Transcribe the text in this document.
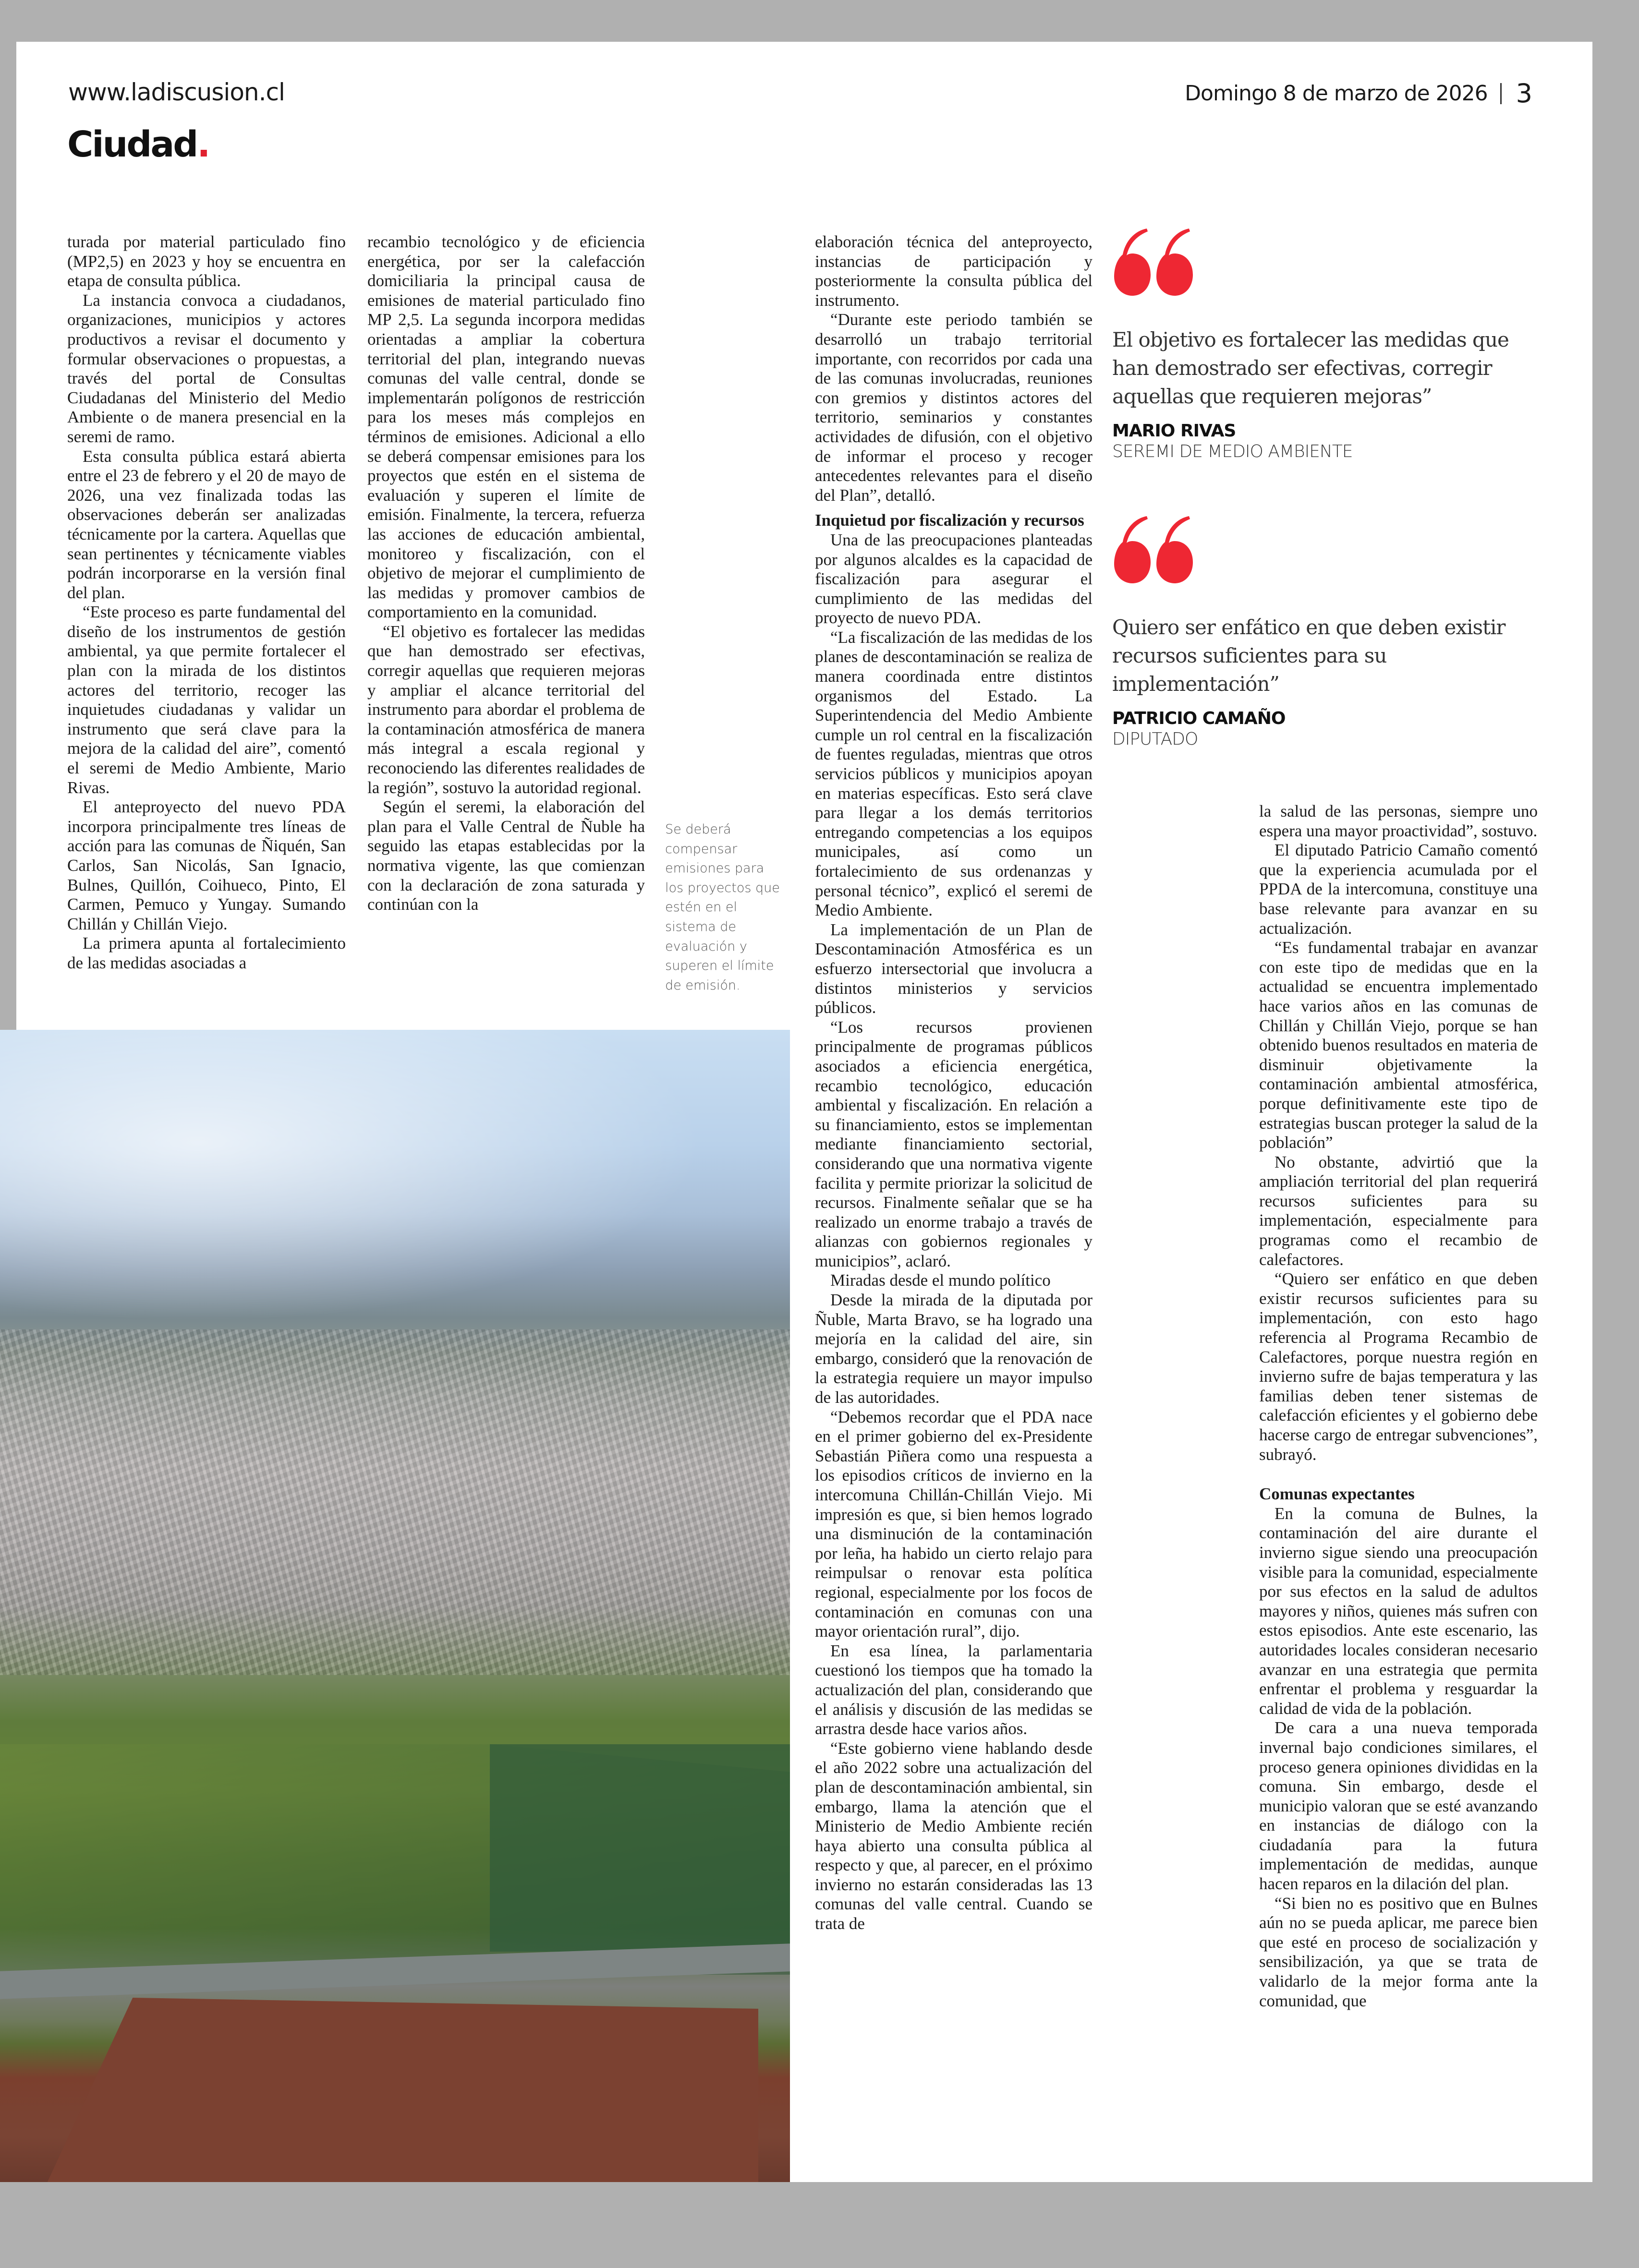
www.ladiscusion.cl	Domingo 8 de marzo de 2026 3
Ciudad.

turada por material particulado fino (MP2,5) en 2023 y hoy se encuentra en etapa de consulta pública.

La instancia convoca a ciudadanos, organizaciones, municipios y actores productivos a revisar el documento y formular observaciones o propuestas, a través del portal de Consultas Ciudadanas del Ministerio del Medio Ambiente o de manera presencial en la seremi de ramo.

Esta consulta pública estará abierta entre el 23 de febrero y el 20 de mayo de 2026, una vez finalizada todas las observaciones deberán ser analizadas técnicamente por la cartera. Aquellas que sean pertinentes y técnicamente viables podrán incorporarse en la versión final del plan.

“Este proceso es parte fundamental del diseño de los instrumentos de gestión ambiental, ya que permite fortalecer el plan con la mirada de los distintos actores del territorio, recoger las inquietudes ciudadanas y validar un instrumento que será clave para la mejora de la calidad del aire”, comentó el seremi de Medio Ambiente, Mario Rivas.

El anteproyecto del nuevo PDA incorpora principalmente tres líneas de acción para las comunas de Ñiquén, San Carlos, San Nicolás, San Ignacio, Bulnes, Quillón, Coihueco, Pinto, El Carmen, Pemuco y Yungay. Sumando Chillán y Chillán Viejo.

La primera apunta al fortalecimiento de las medidas asociadas a

recambio tecnológico y de eficiencia energética, por ser la calefacción domiciliaria la principal causa de emisiones de material particulado fino MP 2,5. La segunda incorpora medidas orientadas a ampliar la cobertura territorial del plan, integrando nuevas comunas del valle central, donde se implementarán polígonos de restricción para los meses más complejos en términos de emisiones. Adicional a ello se deberá compensar emisiones para los proyectos que estén en el sistema de evaluación y superen el límite de emisión. Finalmente, la tercera, refuerza las acciones de educación ambiental, monitoreo y fiscalización, con el objetivo de mejorar el cumplimiento de las medidas y promover cambios de comportamiento en la comunidad.

“El objetivo es fortalecer las medidas que han demostrado ser efectivas, corregir aquellas que requieren mejoras y ampliar el alcance territorial del instrumento para abordar el problema de la contaminación atmosférica de manera más integral a escala regional y reconociendo las diferentes realidades de la región”, sostuvo la autoridad regional.

Según el seremi, la elaboración del plan para el Valle Central de Ñuble ha seguido las etapas establecidas por la normativa vigente, las que comienzan con la declaración de zona saturada y continúan con la

Se deberá compensar emisiones para los proyectos que estén en el sistema de evaluación y superen el límite de emisión.

elaboración técnica del anteproyecto, instancias de participación y posteriormente la consulta pública del instrumento.

“Durante este periodo también se desarrolló un trabajo territorial importante, con recorridos por cada una de las comunas involucradas, reuniones con gremios y distintos actores del territorio, seminarios y constantes actividades de difusión, con el objetivo de informar el proceso y recoger antecedentes relevantes para el diseño del Plan”, detalló.

Inquietud por fiscalización y recursos

Una de las preocupaciones planteadas por algunos alcaldes es la capacidad de fiscalización para asegurar el cumplimiento de las medidas del proyecto de nuevo PDA.

“La fiscalización de las medidas de los planes de descontaminación se realiza de manera coordinada entre distintos organismos del Estado. La Superintendencia del Medio Ambiente cumple un rol central en la fiscalización de fuentes reguladas, mientras que otros servicios públicos y municipios apoyan en materias específicas. Esto será clave para llegar a los demás territorios entregando competencias a los equipos municipales, así como un fortalecimiento de sus ordenanzas y personal técnico”, explicó el seremi de Medio Ambiente.

La implementación de un Plan de Descontaminación Atmosférica es un esfuerzo intersectorial que involucra a distintos ministerios y servicios públicos.

“Los recursos provienen principalmente de programas públicos asociados a eficiencia energética, recambio tecnológico, educación ambiental y fiscalización. En relación a su financiamiento, estos se implementan mediante financiamiento sectorial, considerando que una normativa vigente facilita y permite priorizar la solicitud de recursos. Finalmente señalar que se ha realizado un enorme trabajo a través de alianzas con gobiernos regionales y municipios”, aclaró.

Miradas desde el mundo político

Desde la mirada de la diputada por Ñuble, Marta Bravo, se ha logrado una mejoría en la calidad del aire, sin embargo, consideró que la renovación de la estrategia requiere un mayor impulso de las autoridades.

“Debemos recordar que el PDA nace en el primer gobierno del ex-Presidente Sebastián Piñera como una respuesta a los episodios críticos de invierno en la intercomuna Chillán-Chillán Viejo. Mi impresión es que, si bien hemos logrado una disminución de la contaminación por leña, ha habido un cierto relajo para reimpulsar o renovar esta política regional, especialmente por los focos de contaminación en comunas con una mayor orientación rural”, dijo.

En esa línea, la parlamentaria cuestionó los tiempos que ha tomado la actualización del plan, considerando que el análisis y discusión de las medidas se arrastra desde hace varios años.

“Este gobierno viene hablando desde el año 2022 sobre una actualización del plan de descontaminación ambiental, sin embargo, llama la atención que el Ministerio de Medio Ambiente recién haya abierto una consulta pública al respecto y que, al parecer, en el próximo invierno no estarán consideradas las 13 comunas del valle central. Cuando se trata de

la salud de las personas, siempre uno espera una mayor proactividad”, sostuvo.

El diputado Patricio Camaño comentó que la experiencia acumulada por el PPDA de la intercomuna, constituye una base relevante para avanzar en su actualización.

“Es fundamental trabajar en avanzar con este tipo de medidas que en la actualidad se encuentra implementado hace varios años en las comunas de Chillán y Chillán Viejo, porque se han obtenido buenos resultados en materia de disminuir objetivamente la contaminación ambiental atmosférica, porque definitivamente este tipo de estrategias buscan proteger la salud de la población”

No obstante, advirtió que la ampliación territorial del plan requerirá recursos suficientes para su implementación, especialmente para programas como el recambio de calefactores.

“Quiero ser enfático en que deben existir recursos suficientes para su implementación, con esto hago referencia al Programa Recambio de Calefactores, porque nuestra región en invierno sufre de bajas temperatura y las familias deben tener sistemas de calefacción eficientes y el gobierno debe hacerse cargo de entregar subvenciones”, subrayó.

Comunas expectantes

En la comuna de Bulnes, la contaminación del aire durante el invierno sigue siendo una preocupación visible para la comunidad, especialmente por sus efectos en la salud de adultos mayores y niños, quienes más sufren con estos episodios. Ante este escenario, las autoridades locales consideran necesario avanzar en una estrategia que permita enfrentar el problema y resguardar la calidad de vida de la población.

De cara a una nueva temporada invernal bajo condiciones similares, el proceso genera opiniones divididas en la comuna. Sin embargo, desde el municipio valoran que se esté avanzando en instancias de diálogo con la ciudadanía para la futura implementación de medidas, aunque hacen reparos en la dilación del plan.

“Si bien no es positivo que en Bulnes aún no se pueda aplicar, me parece bien que esté en proceso de socialización y sensibilización, ya que se trata de validarlo de la mejor forma ante la comunidad, que

El objetivo es fortalecer las medidas que han demostrado ser efectivas, corregir aquellas que requieren mejoras”
MARIO RIVAS
SEREMI DE MEDIO AMBIENTE
Quiero ser enfático en que deben existir recursos suficientes para su implementación”
PATRICIO CAMAÑO
DIPUTADO
